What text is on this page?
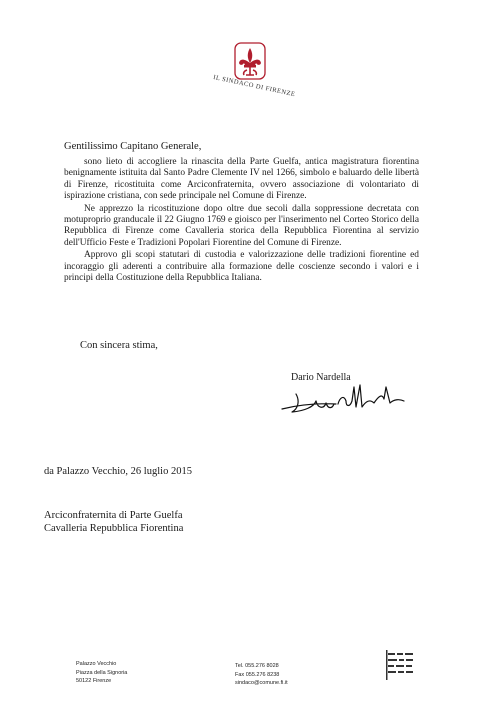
IL SINDACO DI FIRENZE
Gentilissimo Capitano Generale,

sono lieto di accogliere la rinascita della Parte Guelfa, antica magistratura fiorentina benignamente istituita dal Santo Padre Clemente IV nel 1266, simbolo e baluardo delle libertà di Firenze, ricostituita come Arciconfraternita, ovvero associazione di volontariato di ispirazione cristiana, con sede principale nel Comune di Firenze.

Ne apprezzo la ricostituzione dopo oltre due secoli dalla soppressione decretata con motuproprio granducale il 22 Giugno 1769 e gioisco per l'inserimento nel Corteo Storico della Repubblica di Firenze come Cavalleria storica della Repubblica Fiorentina al servizio dell'Ufficio Feste e Tradizioni Popolari Fiorentine del Comune di Firenze.

Approvo gli scopi statutari di custodia e valorizzazione delle tradizioni fiorentine ed incoraggio gli aderenti a contribuire alla formazione delle coscienze secondo i valori e i principi della Costituzione della Repubblica Italiana.

Con sincera stima,
Dario Nardella
da Palazzo Vecchio, 26 luglio 2015
Arciconfraternita di Parte Guelfa
Cavalleria Repubblica Fiorentina
Palazzo Vecchio
Piazza della Signoria
50122 Firenze
Tel. 055.276 8028
Fax 055.276 8238
sindaco@comune.fi.it
